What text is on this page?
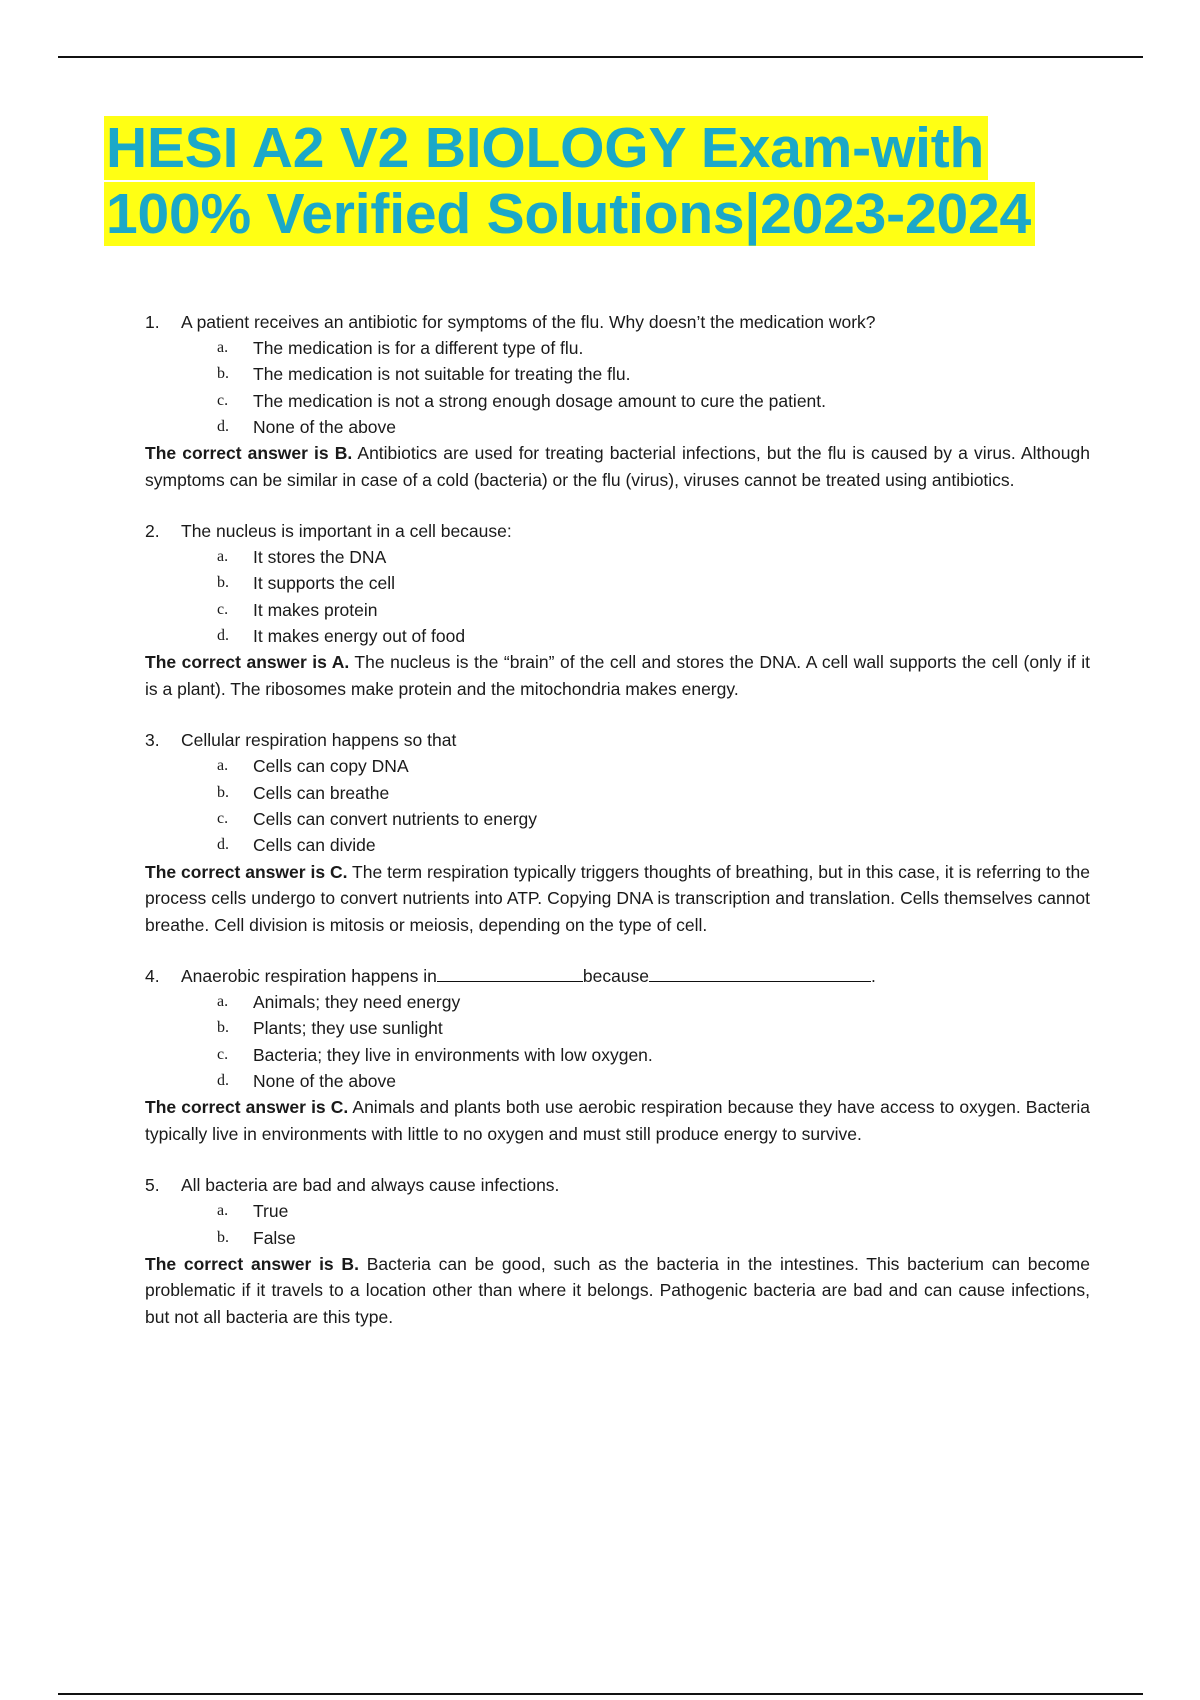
HESI A2 V2 BIOLOGY Exam-with
100% Verified Solutions|2023-2024
1.	A patient receives an antibiotic for symptoms of the flu. Why doesn’t the medication work?
a.	The medication is for a different type of flu.
b.	The medication is not suitable for treating the flu.
c.	The medication is not a strong enough dosage amount to cure the patient.
d.	None of the above
The correct answer is B. Antibiotics are used for treating bacterial infections, but the flu is caused by a virus. Although symptoms can be similar in case of a cold (bacteria) or the flu (virus), viruses cannot be treated using antibiotics.
2.	The nucleus is important in a cell because:
a.	It stores the DNA
b.	It supports the cell
c.	It makes protein
d.	It makes energy out of food
The correct answer is A. The nucleus is the “brain” of the cell and stores the DNA. A cell wall supports the cell (only if it is a plant). The ribosomes make protein and the mitochondria makes energy.
3.	Cellular respiration happens so that
a.	Cells can copy DNA
b.	Cells can breathe
c.	Cells can convert nutrients to energy
d.	Cells can divide
The correct answer is C. The term respiration typically triggers thoughts of breathing, but in this case, it is referring to the process cells undergo to convert nutrients into ATP. Copying DNA is transcription and translation. Cells themselves cannot breathe. Cell division is mitosis or meiosis, depending on the type of cell.
4.	Anaerobic respiration happens in	because	.
a.	Animals; they need energy
b.	Plants; they use sunlight
c.	Bacteria; they live in environments with low oxygen.
d.	None of the above
The correct answer is C. Animals and plants both use aerobic respiration because they have access to oxygen. Bacteria typically live in environments with little to no oxygen and must still produce energy to survive.
5.	All bacteria are bad and always cause infections.
a.	True
b.	False
The correct answer is B. Bacteria can be good, such as the bacteria in the intestines. This bacterium can become problematic if it travels to a location other than where it belongs. Pathogenic bacteria are bad and can cause infections, but not all bacteria are this type.
